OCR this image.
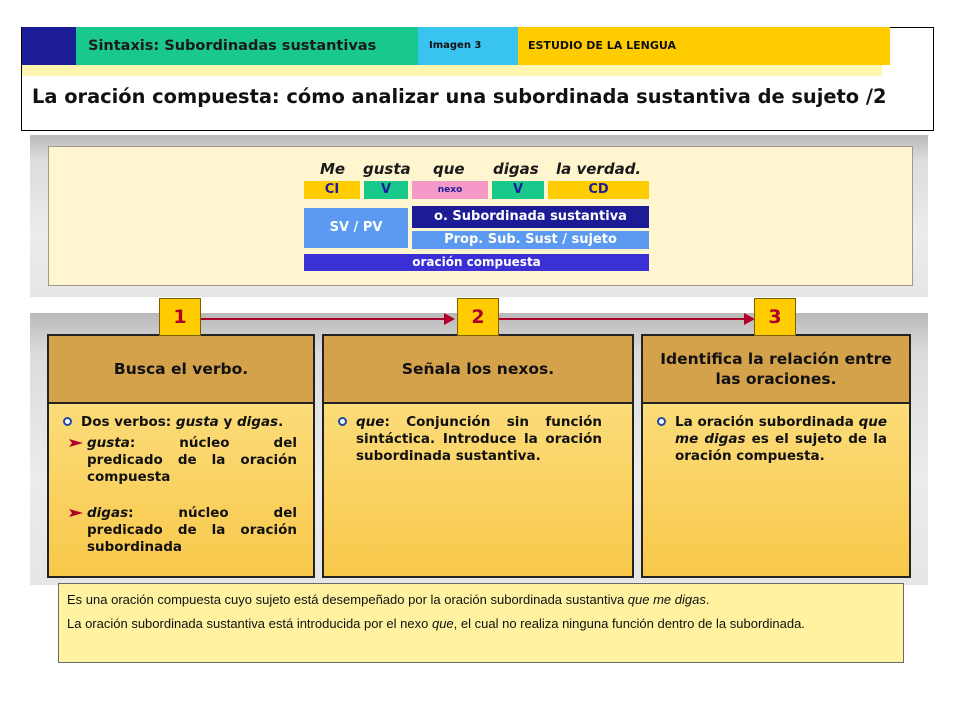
Sintaxis: Subordinadas sustantivas	Imagen 3	ESTUDIO DE LA LENGUA
La oración compuesta: cómo analizar una subordinada sustantiva de sujeto /2
Me gusta que digas la verdad.
CI	V	nexo	V	CD
SV / PV
o. Subordinada sustantiva
Prop. Sub. Sust / sujeto
oración compuesta
Busca el verbo.
Dos verbos: gusta y digas.
gusta: núcleo del predicado de la oración compuesta
digas: núcleo del predicado de la oración subordinada
Señala los nexos.
que: Conjunción sin función sintáctica. Introduce la oración subordinada sustantiva.
Identifica la relación entre las oraciones.
La oración subordinada que me digas es el sujeto de la oración compuesta.
1	2	3

Es una oración compuesta cuyo sujeto está desempeñado por la oración subordinada sustantiva que me digas.

La oración subordinada sustantiva está introducida por el nexo que, el cual no realiza ninguna función dentro de la subordinada.
